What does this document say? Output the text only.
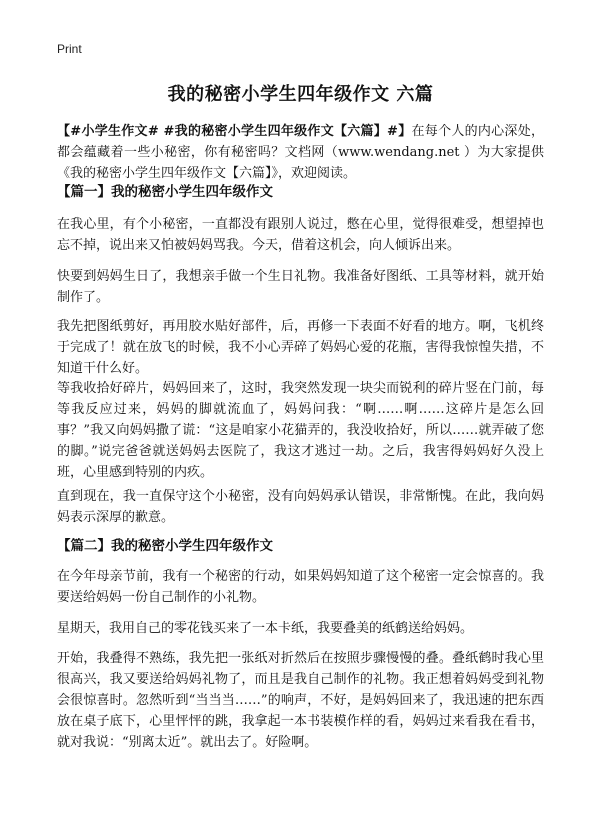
Print
我的秘密小学生四年级作文 六篇

【#小学生作文# #我的秘密小学生四年级作文【六篇】#】在每个人的内心深处，都会蕴藏着一些小秘密，你有秘密吗？文档网（www.wendang.net ）为大家提供《我的秘密小学生四年级作文【六篇】》，欢迎阅读。

【篇一】我的秘密小学生四年级作文

在我心里，有个小秘密，一直都没有跟别人说过，憋在心里，觉得很难受，想望掉也忘不掉，说出来又怕被妈妈骂我。今天，借着这机会，向人倾诉出来。

快要到妈妈生日了，我想亲手做一个生日礼物。我准备好图纸、工具等材料，就开始制作了。

我先把图纸剪好，再用胶水贴好部件，后，再修一下表面不好看的地方。啊，飞机终于完成了！就在放飞的时候，我不小心弄碎了妈妈心爱的花瓶，害得我惊惶失措，不知道干什么好。

等我收拾好碎片，妈妈回来了，这时，我突然发现一块尖而锐利的碎片竖在门前，每等我反应过来，妈妈的脚就流血了，妈妈问我：“啊……啊……这碎片是怎么回事？”我又向妈妈撒了谎：“这是咱家小花猫弄的，我没收拾好，所以……就弄破了您的脚。”说完爸爸就送妈妈去医院了，我这才逃过一劫。之后，我害得妈妈好久没上班，心里感到特别的内疚。

直到现在，我一直保守这个小秘密，没有向妈妈承认错误，非常惭愧。在此，我向妈妈表示深厚的歉意。

【篇二】我的秘密小学生四年级作文

在今年母亲节前，我有一个秘密的行动，如果妈妈知道了这个秘密一定会惊喜的。我要送给妈妈一份自己制作的小礼物。

星期天，我用自己的零花钱买来了一本卡纸，我要叠美的纸鹤送给妈妈。

开始，我叠得不熟练，我先把一张纸对折然后在按照步骤慢慢的叠。叠纸鹤时我心里很高兴，我又要送给妈妈礼物了，而且是我自己制作的礼物。我正想着妈妈受到礼物会很惊喜时。忽然听到“当当当……”的响声，不好，是妈妈回来了，我迅速的把东西放在桌子底下，心里怦怦的跳，我拿起一本书装模作样的看，妈妈过来看我在看书，就对我说：“别离太近”。就出去了。好险啊。
